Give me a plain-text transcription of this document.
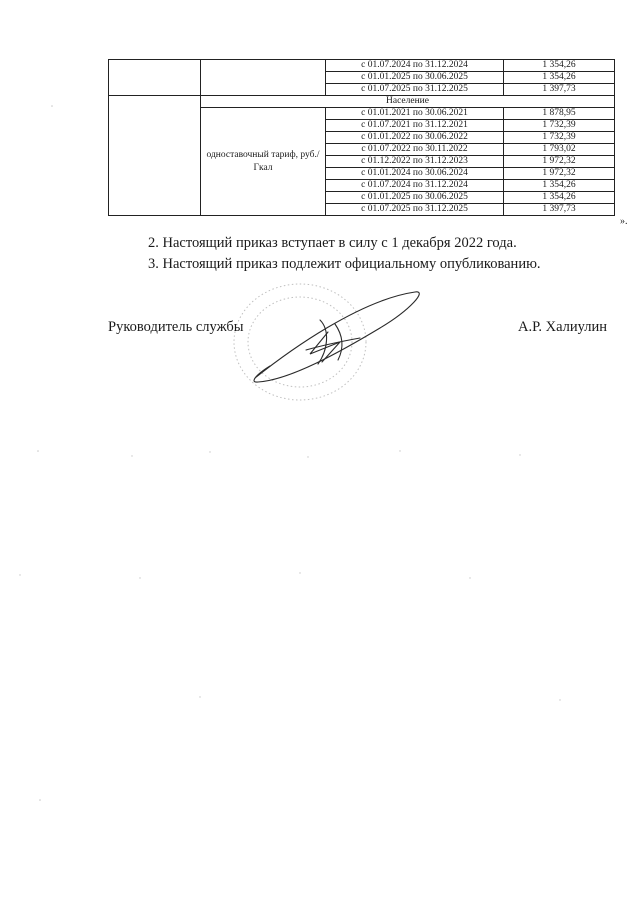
		с 01.07.2024 по 31.12.2024	1 354,26
		с 01.01.2025 по 30.06.2025	1 354,26
		с 01.07.2025 по 31.12.2025	1 397,73
	Население		
	одноставочный тариф, руб./Гкал	с 01.01.2021 по 30.06.2021	1 878,95
		с 01.07.2021 по 31.12.2021	1 732,39
		с 01.01.2022 по 30.06.2022	1 732,39
		с 01.07.2022 по 30.11.2022	1 793,02
		с 01.12.2022 по 31.12.2023	1 972,32
		с 01.01.2024 по 30.06.2024	1 972,32
		с 01.07.2024 по 31.12.2024	1 354,26
		с 01.01.2025 по 30.06.2025	1 354,26
		с 01.07.2025 по 31.12.2025	1 397,73
».
2. Настоящий приказ вступает в силу с 1 декабря 2022 года.
3. Настоящий приказ подлежит официальному опубликованию.
Руководитель службы	А.Р. Халиулин
